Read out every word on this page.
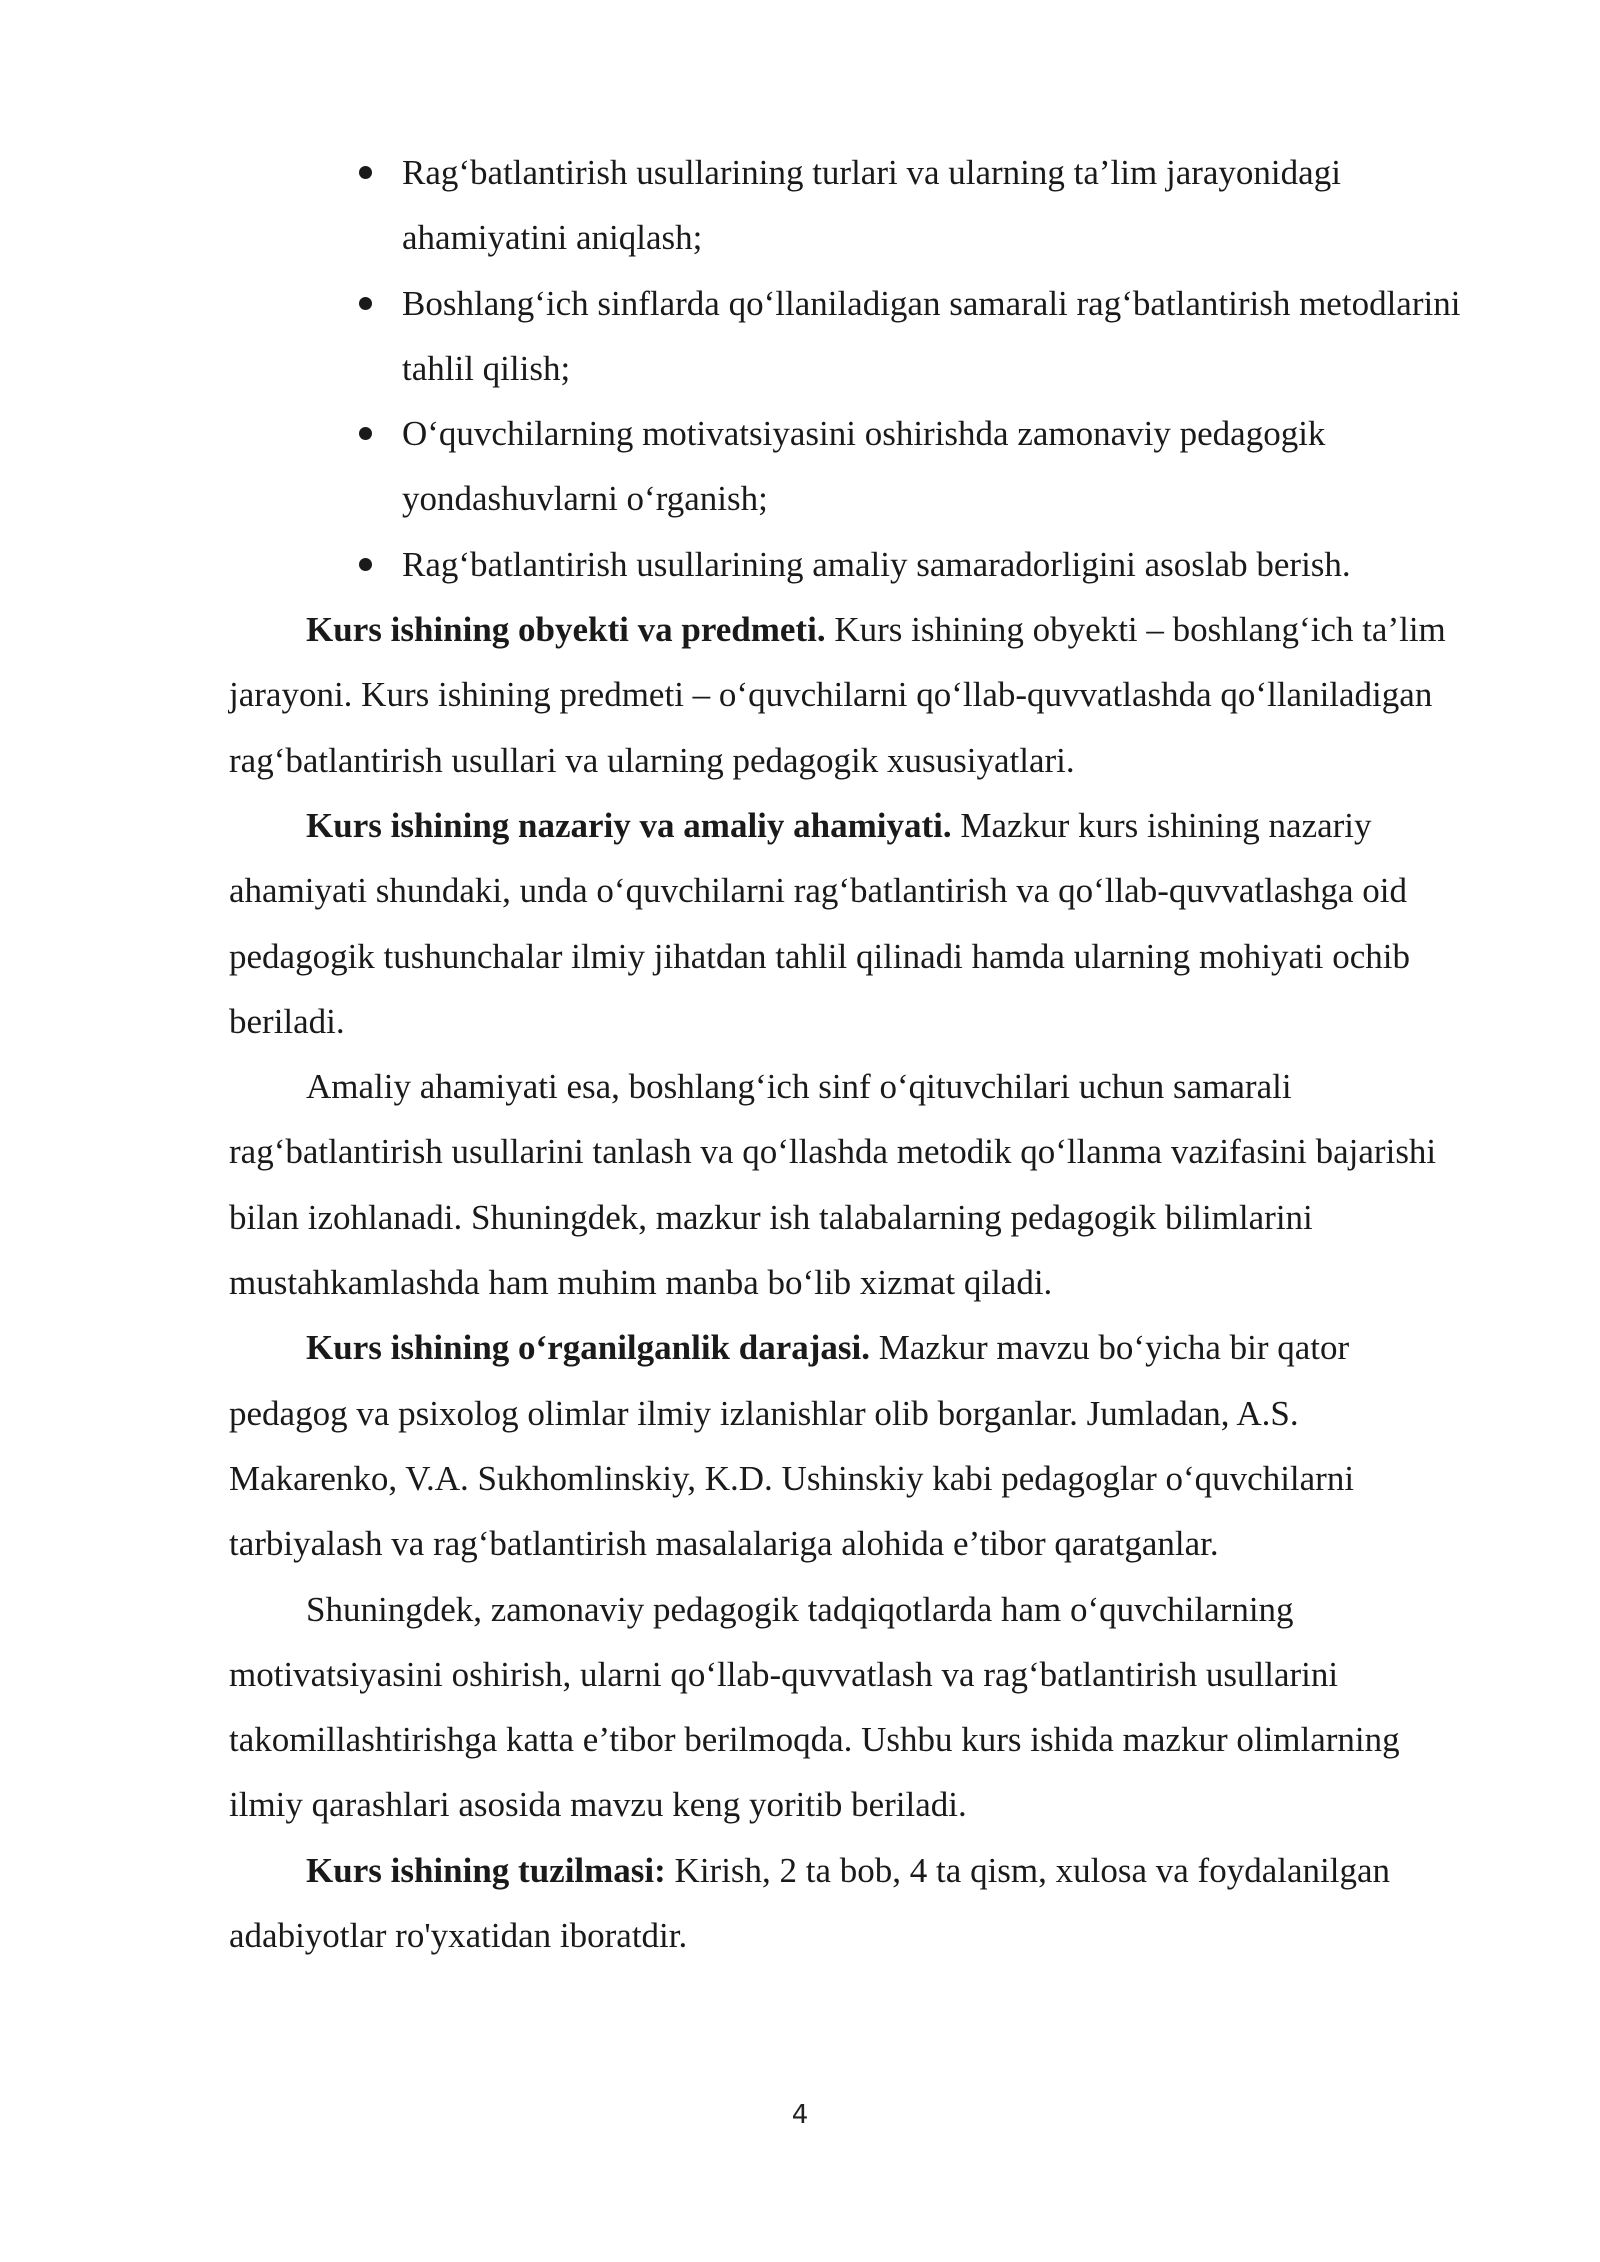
Rag‘batlantirish usullarining turlari va ularning ta’lim jarayonidagi ahamiyatini aniqlash;
Boshlang‘ich sinflarda qo‘llaniladigan samarali rag‘batlantirish metodlarini tahlil qilish;
O‘quvchilarning motivatsiyasini oshirishda zamonaviy pedagogik yondashuvlarni o‘rganish;
Rag‘batlantirish usullarining amaliy samaradorligini asoslab berish.

Kurs ishining obyekti va predmeti. Kurs ishining obyekti – boshlang‘ich ta’lim jarayoni. Kurs ishining predmeti – o‘quvchilarni qo‘llab-quvvatlashda qo‘llaniladigan rag‘batlantirish usullari va ularning pedagogik xususiyatlari.

Kurs ishining nazariy va amaliy ahamiyati. Mazkur kurs ishining nazariy ahamiyati shundaki, unda o‘quvchilarni rag‘batlantirish va qo‘llab-quvvatlashga oid pedagogik tushunchalar ilmiy jihatdan tahlil qilinadi hamda ularning mohiyati ochib beriladi.

Amaliy ahamiyati esa, boshlang‘ich sinf o‘qituvchilari uchun samarali rag‘batlantirish usullarini tanlash va qo‘llashda metodik qo‘llanma vazifasini bajarishi bilan izohlanadi. Shuningdek, mazkur ish talabalarning pedagogik bilimlarini mustahkamlashda ham muhim manba bo‘lib xizmat qiladi.

Kurs ishining o‘rganilganlik darajasi. Mazkur mavzu bo‘yicha bir qator pedagog va psixolog olimlar ilmiy izlanishlar olib borganlar. Jumladan, A.S. Makarenko, V.A. Sukhomlinskiy, K.D. Ushinskiy kabi pedagoglar o‘quvchilarni tarbiyalash va rag‘batlantirish masalalariga alohida e’tibor qaratganlar.

Shuningdek, zamonaviy pedagogik tadqiqotlarda ham o‘quvchilarning motivatsiyasini oshirish, ularni qo‘llab-quvvatlash va rag‘batlantirish usullarini takomillashtirishga katta e’tibor berilmoqda. Ushbu kurs ishida mazkur olimlarning ilmiy qarashlari asosida mavzu keng yoritib beriladi.

Kurs ishining tuzilmasi: Kirish, 2 ta bob, 4 ta qism, xulosa va foydalanilgan adabiyotlar ro'yxatidan iboratdir.

4
